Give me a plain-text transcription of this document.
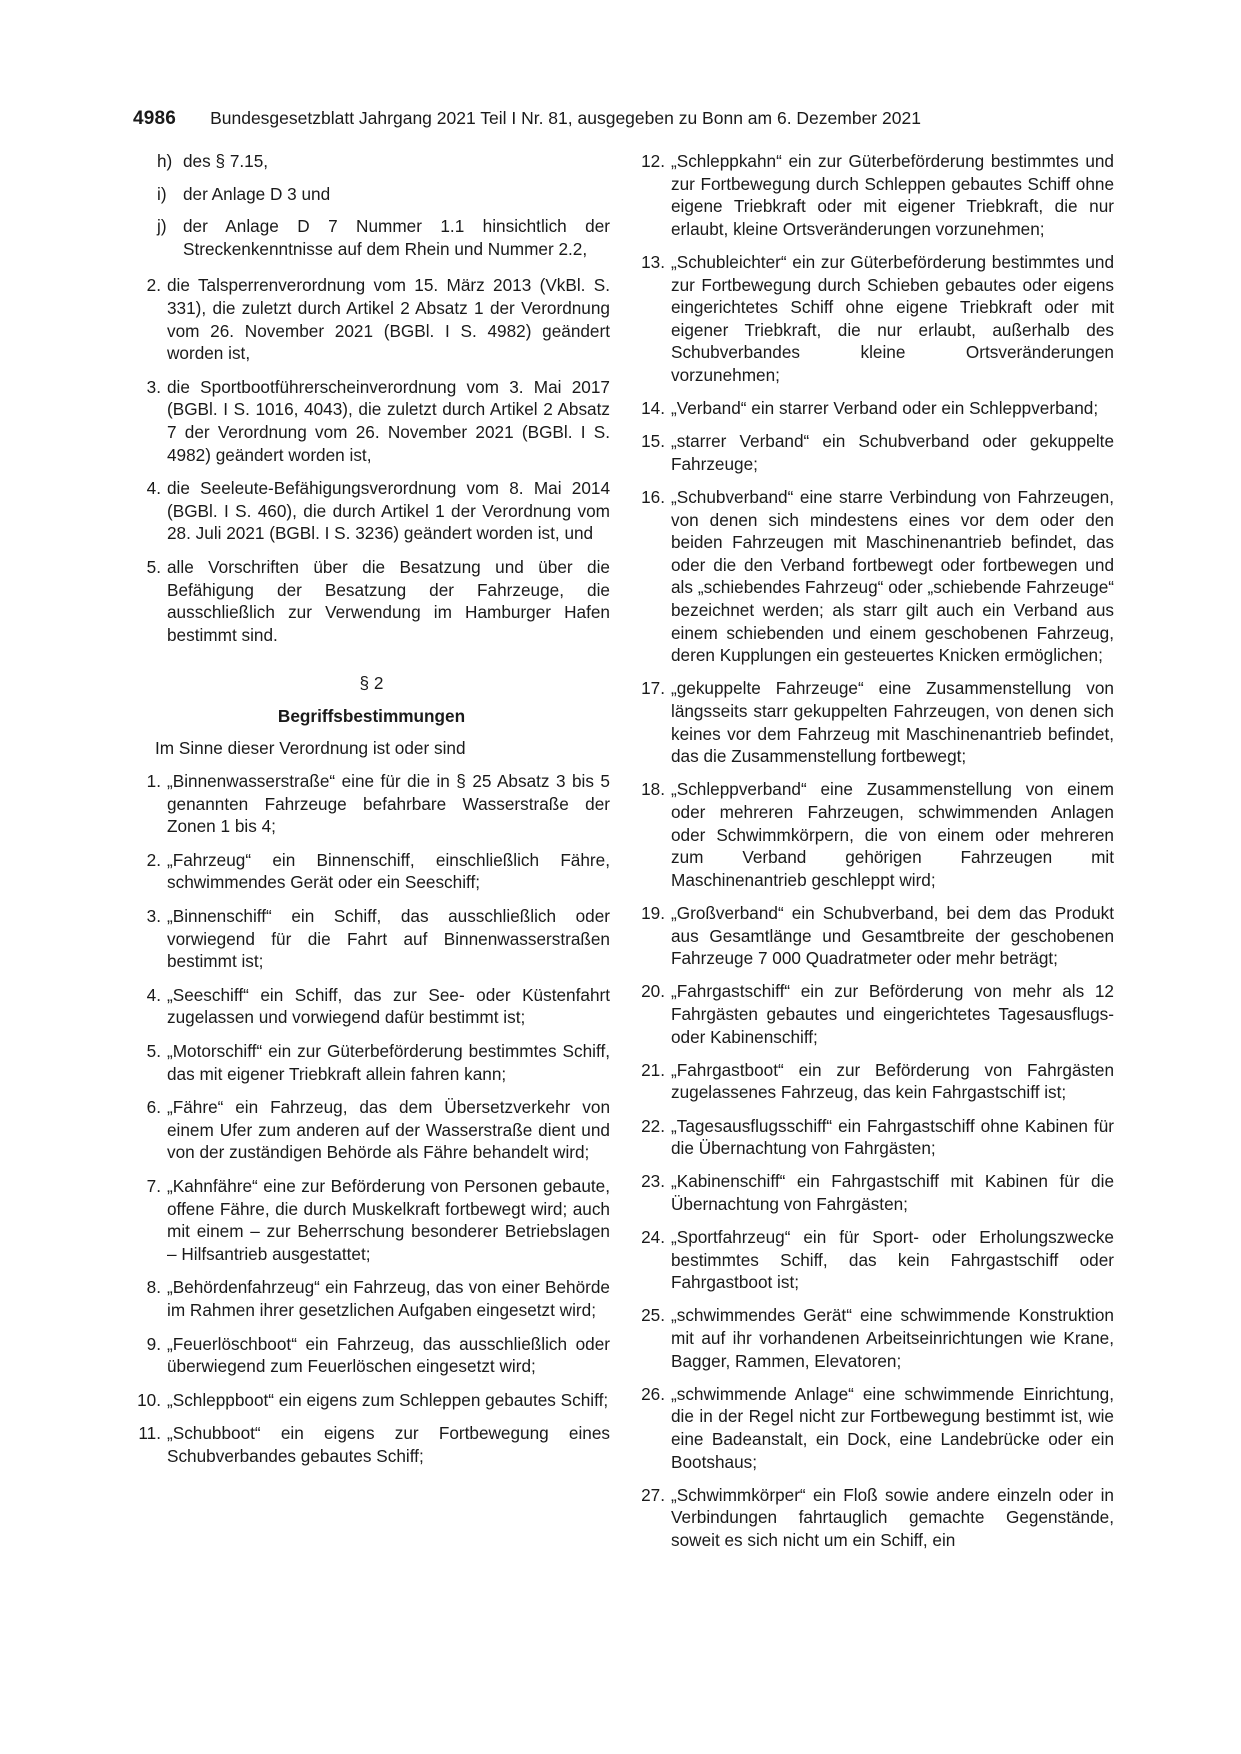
4986 Bundesgesetzblatt Jahrgang 2021 Teil I Nr. 81, ausgegeben zu Bonn am 6. Dezember 2021
h) des § 7.15,
i) der Anlage D 3 und
j) der Anlage D 7 Nummer 1.1 hinsichtlich der Streckenkenntnisse auf dem Rhein und Nummer 2.2,
2. die Talsperrenverordnung vom 15. März 2013 (VkBl. S. 331), die zuletzt durch Artikel 2 Absatz 1 der Verordnung vom 26. November 2021 (BGBl. I S. 4982) geändert worden ist,
3. die Sportbootführerscheinverordnung vom 3. Mai 2017 (BGBl. I S. 1016, 4043), die zuletzt durch Artikel 2 Absatz 7 der Verordnung vom 26. November 2021 (BGBl. I S. 4982) geändert worden ist,
4. die Seeleute-Befähigungsverordnung vom 8. Mai 2014 (BGBl. I S. 460), die durch Artikel 1 der Verordnung vom 28. Juli 2021 (BGBl. I S. 3236) geändert worden ist, und
5. alle Vorschriften über die Besatzung und über die Befähigung der Besatzung der Fahrzeuge, die ausschließlich zur Verwendung im Hamburger Hafen bestimmt sind.
§ 2
Begriffsbestimmungen
Im Sinne dieser Verordnung ist oder sind
1. „Binnenwasserstraße“ eine für die in § 25 Absatz 3 bis 5 genannten Fahrzeuge befahrbare Wasserstraße der Zonen 1 bis 4;
2. „Fahrzeug“ ein Binnenschiff, einschließlich Fähre, schwimmendes Gerät oder ein Seeschiff;
3. „Binnenschiff“ ein Schiff, das ausschließlich oder vorwiegend für die Fahrt auf Binnenwasserstraßen bestimmt ist;
4. „Seeschiff“ ein Schiff, das zur See- oder Küstenfahrt zugelassen und vorwiegend dafür bestimmt ist;
5. „Motorschiff“ ein zur Güterbeförderung bestimmtes Schiff, das mit eigener Triebkraft allein fahren kann;
6. „Fähre“ ein Fahrzeug, das dem Übersetzverkehr von einem Ufer zum anderen auf der Wasserstraße dient und von der zuständigen Behörde als Fähre behandelt wird;
7. „Kahnfähre“ eine zur Beförderung von Personen gebaute, offene Fähre, die durch Muskelkraft fortbewegt wird; auch mit einem – zur Beherrschung besonderer Betriebslagen – Hilfsantrieb ausgestattet;
8. „Behördenfahrzeug“ ein Fahrzeug, das von einer Behörde im Rahmen ihrer gesetzlichen Aufgaben eingesetzt wird;
9. „Feuerlöschboot“ ein Fahrzeug, das ausschließlich oder überwiegend zum Feuerlöschen eingesetzt wird;
10. „Schleppboot“ ein eigens zum Schleppen gebautes Schiff;
11. „Schubboot“ ein eigens zur Fortbewegung eines Schubverbandes gebautes Schiff;
12. „Schleppkahn“ ein zur Güterbeförderung bestimmtes und zur Fortbewegung durch Schleppen gebautes Schiff ohne eigene Triebkraft oder mit eigener Triebkraft, die nur erlaubt, kleine Ortsveränderungen vorzunehmen;
13. „Schubleichter“ ein zur Güterbeförderung bestimmtes und zur Fortbewegung durch Schieben gebautes oder eigens eingerichtetes Schiff ohne eigene Triebkraft oder mit eigener Triebkraft, die nur erlaubt, außerhalb des Schubverbandes kleine Ortsveränderungen vorzunehmen;
14. „Verband“ ein starrer Verband oder ein Schleppverband;
15. „starrer Verband“ ein Schubverband oder gekuppelte Fahrzeuge;
16. „Schubverband“ eine starre Verbindung von Fahrzeugen, von denen sich mindestens eines vor dem oder den beiden Fahrzeugen mit Maschinenantrieb befindet, das oder die den Verband fortbewegt oder fortbewegen und als „schiebendes Fahrzeug“ oder „schiebende Fahrzeuge“ bezeichnet werden; als starr gilt auch ein Verband aus einem schiebenden und einem geschobenen Fahrzeug, deren Kupplungen ein gesteuertes Knicken ermöglichen;
17. „gekuppelte Fahrzeuge“ eine Zusammenstellung von längsseits starr gekuppelten Fahrzeugen, von denen sich keines vor dem Fahrzeug mit Maschinenantrieb befindet, das die Zusammenstellung fortbewegt;
18. „Schleppverband“ eine Zusammenstellung von einem oder mehreren Fahrzeugen, schwimmenden Anlagen oder Schwimmkörpern, die von einem oder mehreren zum Verband gehörigen Fahrzeugen mit Maschinenantrieb geschleppt wird;
19. „Großverband“ ein Schubverband, bei dem das Produkt aus Gesamtlänge und Gesamtbreite der geschobenen Fahrzeuge 7 000 Quadratmeter oder mehr beträgt;
20. „Fahrgastschiff“ ein zur Beförderung von mehr als 12 Fahrgästen gebautes und eingerichtetes Tagesausflugs- oder Kabinenschiff;
21. „Fahrgastboot“ ein zur Beförderung von Fahrgästen zugelassenes Fahrzeug, das kein Fahrgastschiff ist;
22. „Tagesausflugsschiff“ ein Fahrgastschiff ohne Kabinen für die Übernachtung von Fahrgästen;
23. „Kabinenschiff“ ein Fahrgastschiff mit Kabinen für die Übernachtung von Fahrgästen;
24. „Sportfahrzeug“ ein für Sport- oder Erholungszwecke bestimmtes Schiff, das kein Fahrgastschiff oder Fahrgastboot ist;
25. „schwimmendes Gerät“ eine schwimmende Konstruktion mit auf ihr vorhandenen Arbeitseinrichtungen wie Krane, Bagger, Rammen, Elevatoren;
26. „schwimmende Anlage“ eine schwimmende Einrichtung, die in der Regel nicht zur Fortbewegung bestimmt ist, wie eine Badeanstalt, ein Dock, eine Landebrücke oder ein Bootshaus;
27. „Schwimmkörper“ ein Floß sowie andere einzeln oder in Verbindungen fahrtauglich gemachte Gegenstände, soweit es sich nicht um ein Schiff, ein
